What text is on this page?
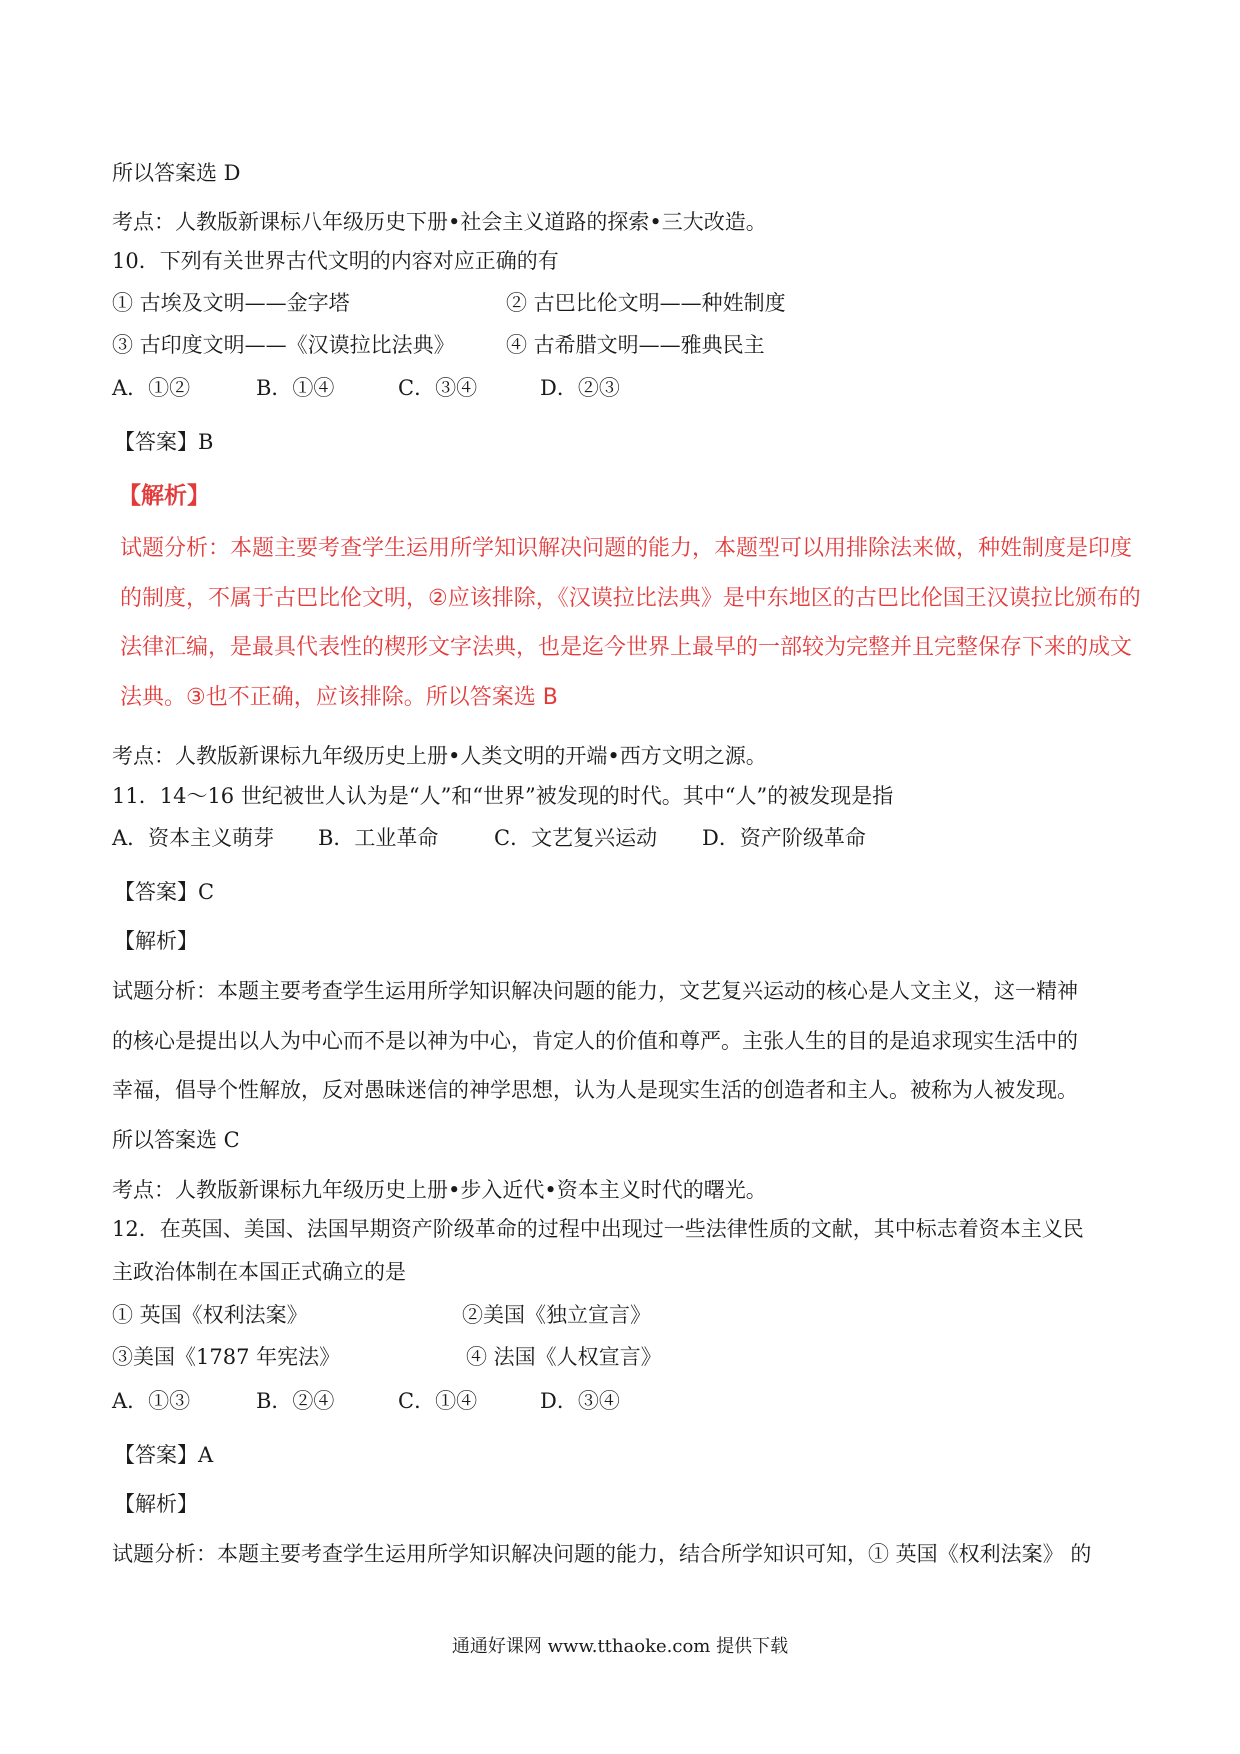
所以答案选 D
考点：人教版新课标八年级历史下册•社会主义道路的探索•三大改造。
10．下列有关世界古代文明的内容对应正确的有
① 古埃及文明——金字塔	② 古巴比伦文明——种姓制度
③ 古印度文明——《汉谟拉比法典》 ④ 古希腊文明——雅典民主
A．①②	B．①④	C．③④	D．②③
【答案】B
【解析】
试题分析：本题主要考查学生运用所学知识解决问题的能力，本题型可以用排除法来做，种姓制度是印度
的制度，不属于古巴比伦文明，②应该排除，《汉谟拉比法典》是中东地区的古巴比伦国王汉谟拉比颁布的
法律汇编，是最具代表性的楔形文字法典，也是迄今世界上最早的一部较为完整并且完整保存下来的成文
法典。③也不正确，应该排除。所以答案选 B
考点：人教版新课标九年级历史上册•人类文明的开端•西方文明之源。
11．14～16 世纪被世人认为是“人”和“世界”被发现的时代。其中“人”的被发现是指
A．资本主义萌芽 B．工业革命	C．文艺复兴运动 D．资产阶级革命
【答案】C
【解析】
试题分析：本题主要考查学生运用所学知识解决问题的能力，文艺复兴运动的核心是人文主义，这一精神
的核心是提出以人为中心而不是以神为中心，肯定人的价值和尊严。主张人生的目的是追求现实生活中的
幸福，倡导个性解放，反对愚昧迷信的神学思想，认为人是现实生活的创造者和主人。被称为人被发现。
所以答案选 C
考点：人教版新课标九年级历史上册•步入近代•资本主义时代的曙光。
12．在英国、美国、法国早期资产阶级革命的过程中出现过一些法律性质的文献，其中标志着资本主义民
主政治体制在本国正式确立的是
① 英国《权利法案》	②美国《独立宣言》
③美国《1787 年宪法》	④ 法国《人权宣言》
A．①③	B．②④	C．①④	D．③④
【答案】A
【解析】
试题分析：本题主要考查学生运用所学知识解决问题的能力，结合所学知识可知，① 英国《权利法案》 的
通通好课网 www.tthaoke.com 提供下载
